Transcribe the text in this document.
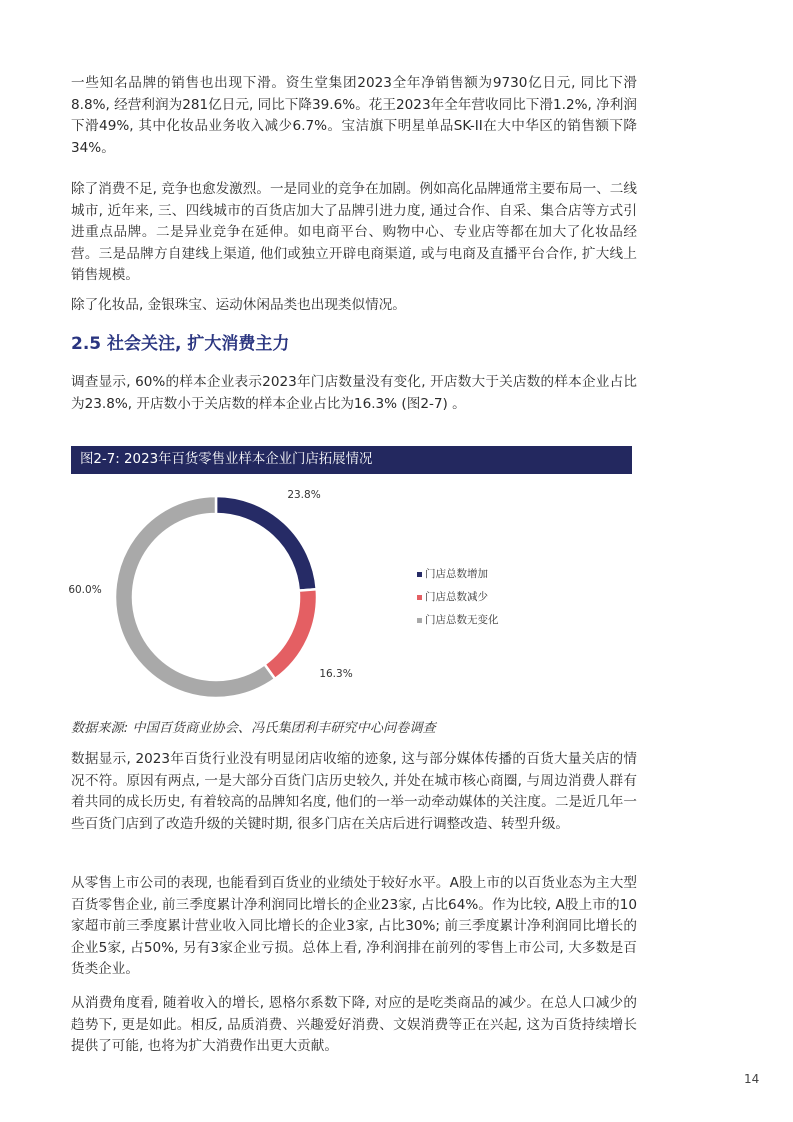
一些知名品牌的销售也出现下滑。资生堂集团2023全年净销售额为9730亿日元, 同比下滑8.8%, 经营利润为281亿日元, 同比下降39.6%。花王2023年全年营收同比下滑1.2%, 净利润下滑49%, 其中化妆品业务收入减少6.7%。宝洁旗下明星单品SK-II在大中华区的销售额下降34%。

除了消费不足, 竞争也愈发激烈。一是同业的竞争在加剧。例如高化品牌通常主要布局一、二线城市, 近年来, 三、四线城市的百货店加大了品牌引进力度, 通过合作、自采、集合店等方式引进重点品牌。二是异业竞争在延伸。如电商平台、购物中心、专业店等都在加大了化妆品经营。三是品牌方自建线上渠道, 他们或独立开辟电商渠道, 或与电商及直播平台合作, 扩大线上销售规模。

除了化妆品, 金银珠宝、运动休闲品类也出现类似情况。

2.5 社会关注, 扩大消费主力

调查显示, 60%的样本企业表示2023年门店数量没有变化, 开店数大于关店数的样本企业占比为23.8%, 开店数小于关店数的样本企业占比为16.3% (图2-7) 。

图2-7: 2023年百货零售业样本企业门店拓展情况
23.8%
门店总数增加
16.3%
门店总数减少
60.0%
门店总数无变化
数据来源: 中国百货商业协会、冯氏集团利丰研究中心问卷调查

数据显示, 2023年百货行业没有明显闭店收缩的迹象, 这与部分媒体传播的百货大量关店的情况不符。原因有两点, 一是大部分百货门店历史较久, 并处在城市核心商圈, 与周边消费人群有着共同的成长历史, 有着较高的品牌知名度, 他们的一举一动牵动媒体的关注度。二是近几年一些百货门店到了改造升级的关键时期, 很多门店在关店后进行调整改造、转型升级。

从零售上市公司的表现, 也能看到百货业的业绩处于较好水平。A股上市的以百货业态为主大型百货零售企业, 前三季度累计净利润同比增长的企业23家, 占比64%。作为比较, A股上市的10家超市前三季度累计营业收入同比增长的企业3家, 占比30%; 前三季度累计净利润同比增长的企业5家, 占50%, 另有3家企业亏损。总体上看, 净利润排在前列的零售上市公司, 大多数是百货类企业。

从消费角度看, 随着收入的增长, 恩格尔系数下降, 对应的是吃类商品的减少。在总人口减少的趋势下, 更是如此。相反, 品质消费、兴趣爱好消费、文娱消费等正在兴起, 这为百货持续增长提供了可能, 也将为扩大消费作出更大贡献。

14
